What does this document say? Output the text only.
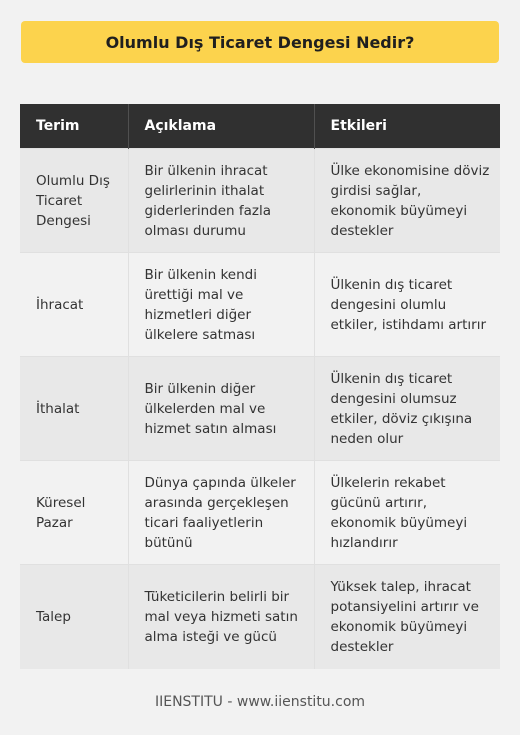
Olumlu Dış Ticaret Dengesi Nedir?
Terim	Açıklama	Etkileri
Olumlu Dış Ticaret Dengesi	Bir ülkenin ihracat gelirlerinin ithalat giderlerinden fazla olması durumu	Ülke ekonomisine döviz girdisi sağlar, ekonomik büyümeyi destekler
İhracat	Bir ülkenin kendi ürettiği mal ve hizmetleri diğer ülkelere satması	Ülkenin dış ticaret dengesini olumlu etkiler, istihdamı artırır
İthalat	Bir ülkenin diğer ülkelerden mal ve hizmet satın alması	Ülkenin dış ticaret dengesini olumsuz etkiler, döviz çıkışına neden olur
Küresel Pazar	Dünya çapında ülkeler arasında gerçekleşen ticari faaliyetlerin bütünü	Ülkelerin rekabet gücünü artırır, ekonomik büyümeyi hızlandırır
Talep	Tüketicilerin belirli bir mal veya hizmeti satın alma isteği ve gücü	Yüksek talep, ihracat potansiyelini artırır ve ekonomik büyümeyi destekler
IIENSTITU - www.iienstitu.com
